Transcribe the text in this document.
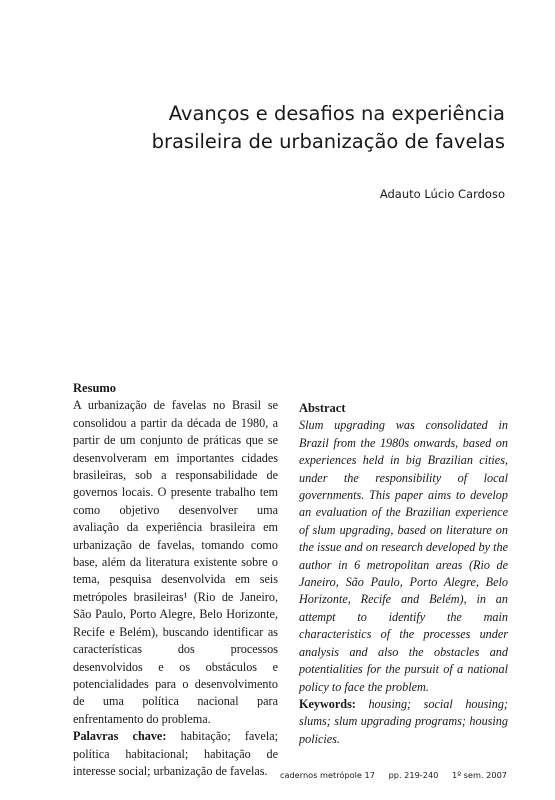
Avanços e desafios na experiência
brasileira de urbanização de favelas

Adauto Lúcio Cardoso

Resumo

A urbanização de favelas no Brasil se consolidou a partir da década de 1980, a partir de um conjunto de práticas que se desenvolveram em importantes cidades brasileiras, sob a responsabilidade de governos locais. O presente trabalho tem como objetivo desenvolver uma avaliação da experiência brasileira em urbanização de favelas, tomando como base, além da literatura existente sobre o tema, pesquisa desenvolvida em seis metrópoles brasileiras¹ (Rio de Janeiro, São Paulo, Porto Alegre, Belo Horizonte, Recife e Belém), buscando identificar as características dos processos desenvolvidos e os obstáculos e potencialidades para o desenvolvimento de uma política nacional para enfrentamento do problema.

Palavras chave: habitação; favela; política habitacional; habitação de interesse social; urbanização de favelas.

Abstract

Slum upgrading was consolidated in Brazil from the 1980s onwards, based on experiences held in big Brazilian cities, under the responsibility of local governments. This paper aims to develop an evaluation of the Brazilian experience of slum upgrading, based on literature on the issue and on research developed by the author in 6 metropolitan areas (Rio de Janeiro, São Paulo, Porto Alegre, Belo Horizonte, Recife and Belém), in an attempt to identify the main characteristics of the processes under analysis and also the obstacles and potentialities for the pursuit of a national policy to face the problem.

Keywords: housing; social housing; slums; slum upgrading programs; housing policies.

cadernos metrópole 17 pp. 219-240 1º sem. 2007
